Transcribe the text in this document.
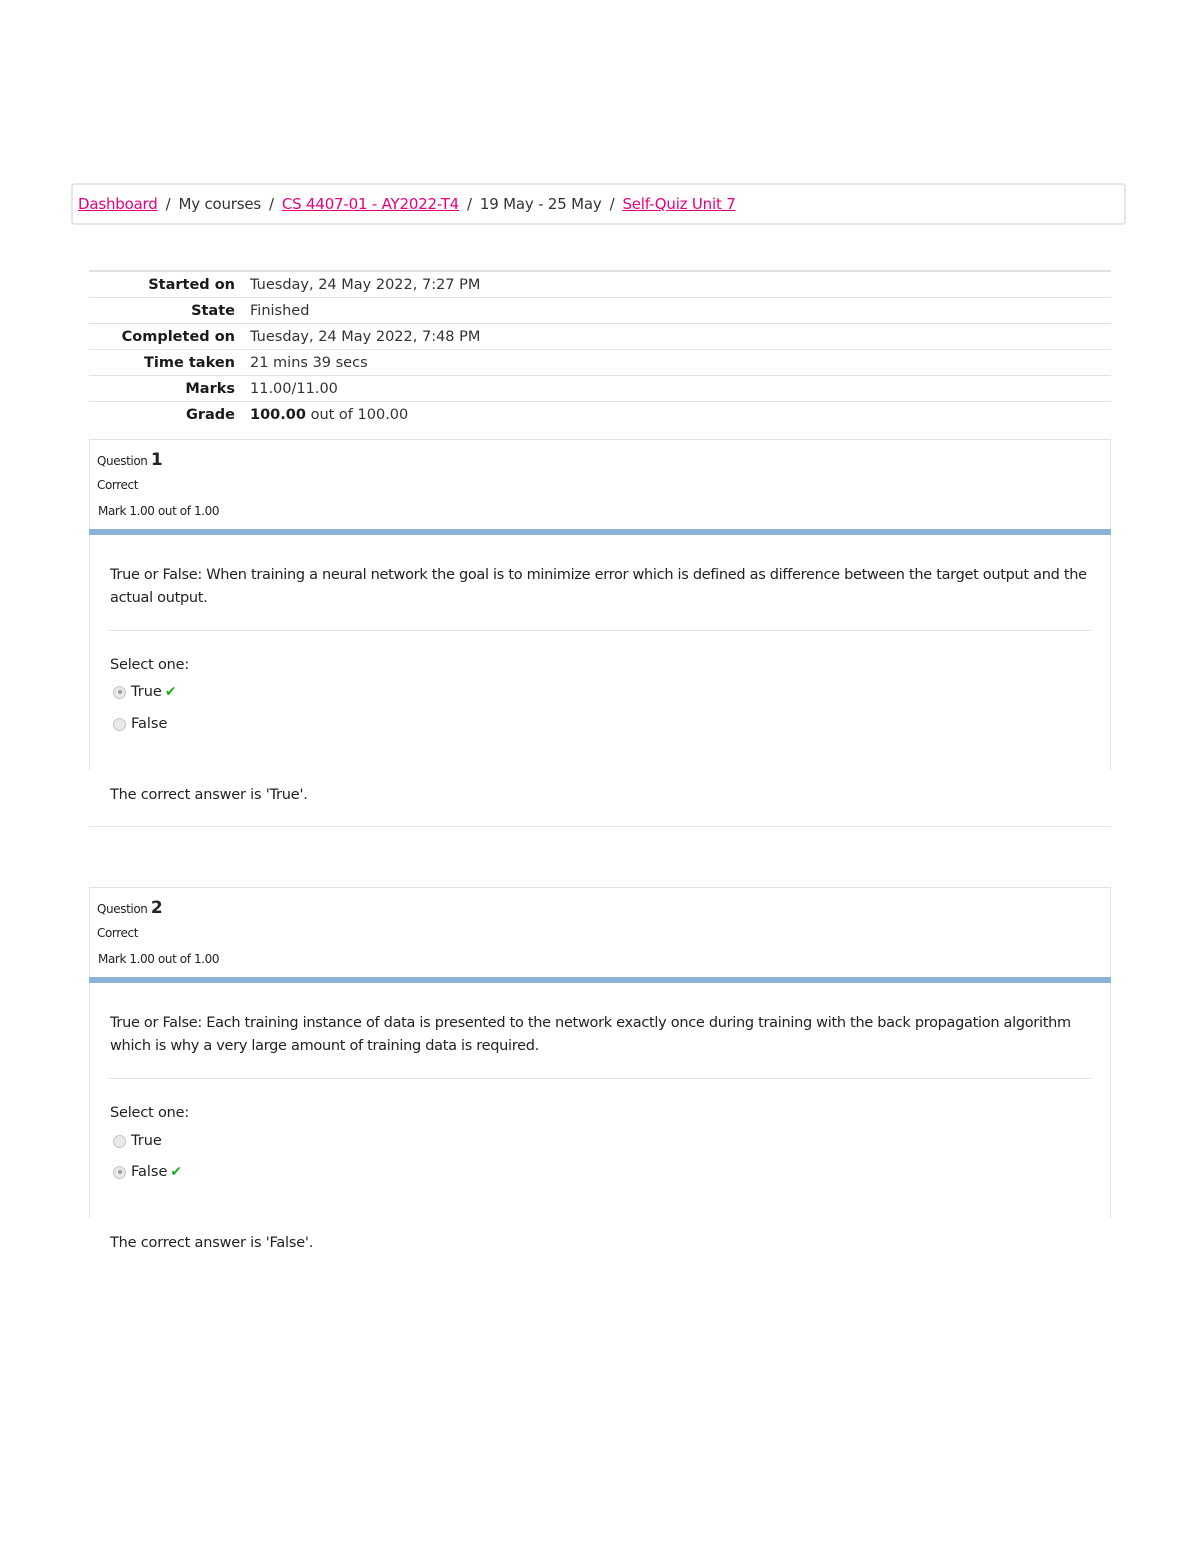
Dashboard / My courses / CS 4407-01 - AY2022-T4 / 19 May - 25 May / Self-Quiz Unit 7
Started on	Tuesday, 24 May 2022, 7:27 PM
State	Finished
Completed on	Tuesday, 24 May 2022, 7:48 PM
Time taken	21 mins 39 secs
Marks	11.00/11.00
Grade	100.00 out of 100.00
Question 1
Correct
Mark 1.00 out of 1.00
True or False: When training a neural network the goal is to minimize error which is defined as difference between the target output and the actual output.
Select one:
True ✔
False
The correct answer is 'True'.
Question 2
Correct
Mark 1.00 out of 1.00
True or False: Each training instance of data is presented to the network exactly once during training with the back propagation algorithm which is why a very large amount of training data is required.
Select one:
True
False ✔
The correct answer is 'False'.
